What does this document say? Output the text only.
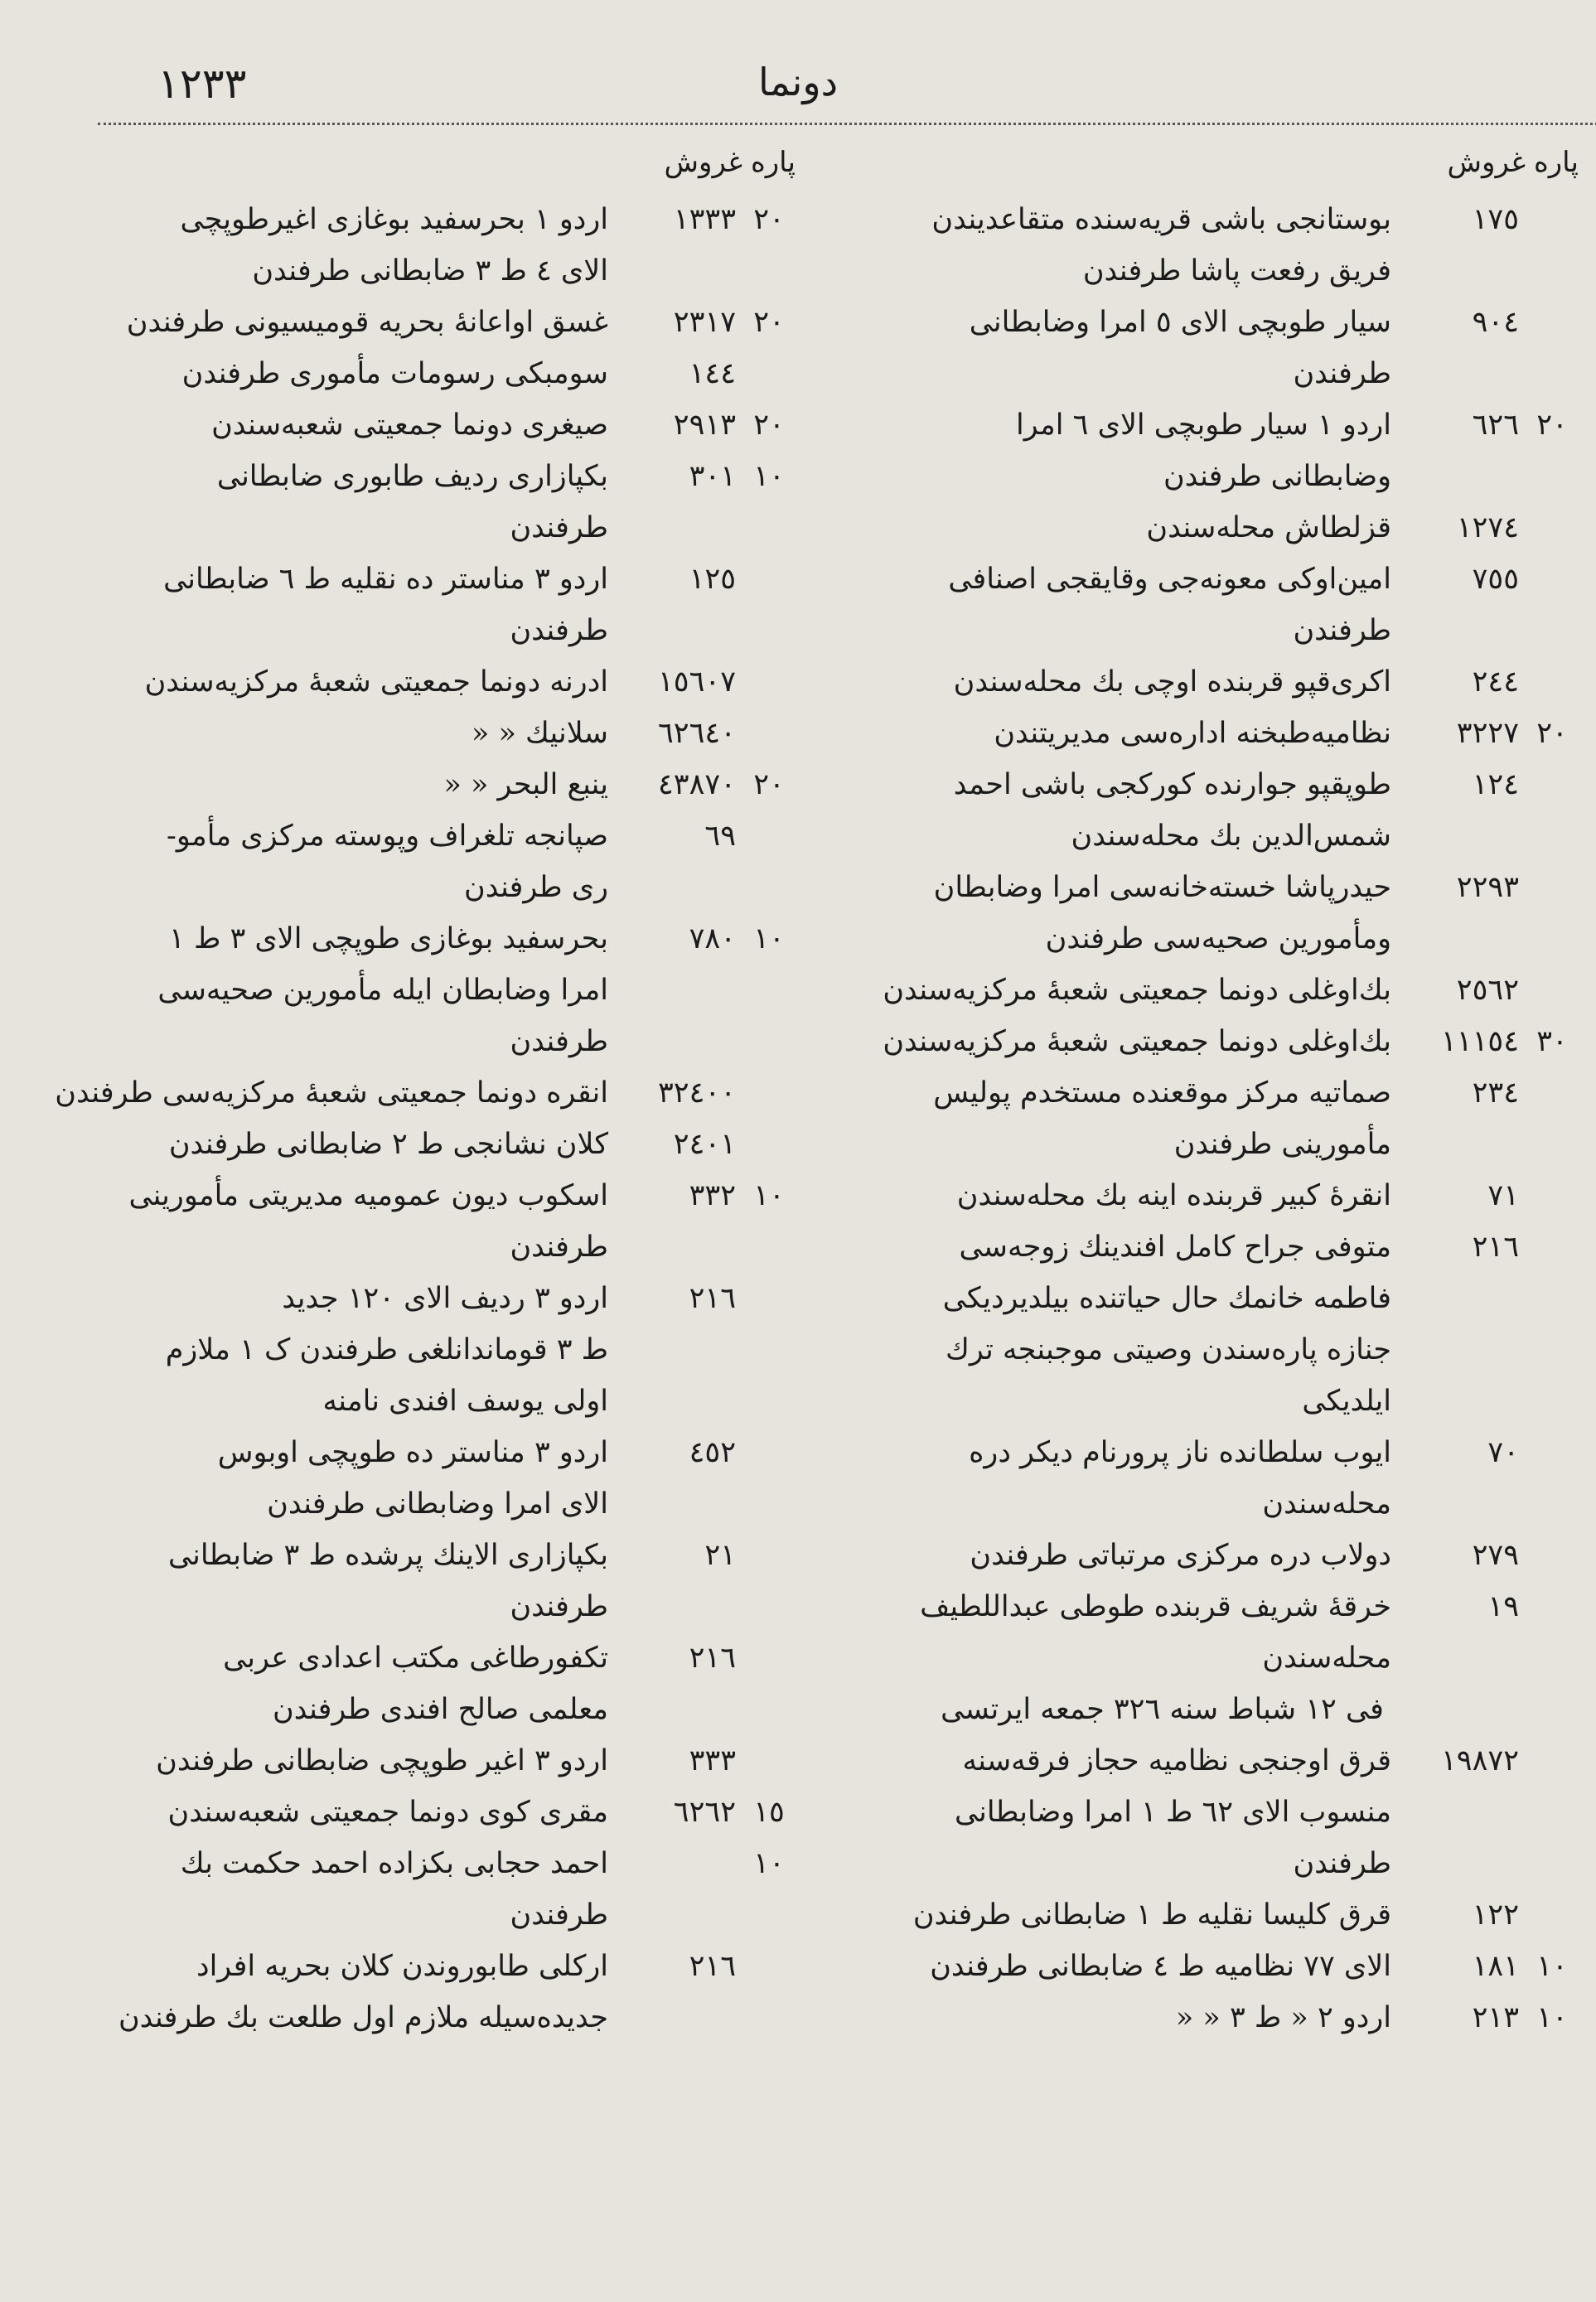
١٢٣٣	دونما
پاره
غروش
١٧٥
بوستانجی باشی قریه‌سنده متقاعدیندن
فریق رفعت پاشا طرفندن
٩٠٤
سیار طوبچی الای ٥ امرا وضابطانی
طرفندن
٢٠
٦٢٦
اردو ١ سیار طوبچی الای ٦ امرا
وضابطانی طرفندن
١٢٧٤
قزلطاش محله‌سندن
٧٥٥
امین‌اوکی معونه‌جی وقایقجی اصنافی
طرفندن
٢٤٤
اکری‌قپو قربنده اوچی بك محله‌سندن
٢٠
٣٢٢٧
نظامیه‌طبخنه اداره‌سی مدیریتندن
١٢٤
طوپقپو جوارنده کورکجی باشی احمد
شمس‌الدین بك محله‌سندن
٢٢٩٣
حیدرپاشا خسته‌خانه‌سی امرا وضابطان
ومأمورین صحیه‌سی طرفندن
٢٥٦٢
بك‌اوغلی دونما جمعیتی شعبهٔ مرکزیه‌سندن
٣٠
١١١٥٤
بك‌اوغلی دونما جمعیتی شعبهٔ مرکزیه‌سندن
٢٣٤
صماتیه مرکز موقعنده مستخدم پولیس
مأمورینی طرفندن
٧١
انقرهٔ کبیر قربنده اینه بك محله‌سندن
٢١٦
متوفی جراح کامل افندینك زوجه‌سی
فاطمه خانمك حال حیاتنده بیلدیردیکی
جنازه پاره‌سندن وصیتی موجبنجه ترك
ایلدیکی
٧٠
ایوب سلطانده ناز پرورنام دیکر دره
محله‌سندن
٢٧٩
دولاب دره مرکزی مرتباتی طرفندن
١٩
خرقهٔ شریف قربنده طوطی عبداللطیف
محله‌سندن
فی ١٢ شباط سنه ٣٢٦ جمعه ایرتسی
١٩٨٧٢
قرق اوجنجی نظامیه حجاز فرقه‌سنه
منسوب الای ٦٢ ط ١ امرا وضابطانی
طرفندن
١٢٢
قرق کلیسا نقلیه ط ١ ضابطانی طرفندن
١٠
١٨١
الای ٧٧ نظامیه ط ٤ ضابطانی طرفندن
١٠
٢١٣
اردو ٢ « ط ٣ « «
پاره
غروش
٢٠
١٣٣٣
اردو ١ بحرسفید بوغازی اغیرطوپچی
الای ٤ ط ٣ ضابطانی طرفندن
٢٠
٢٣١٧
غسق اواعانهٔ بحریه قومیسیونی طرفندن
١٤٤
سومبکی رسومات مأموری طرفندن
٢٠
٢٩١٣
صیغری دونما جمعیتی شعبه‌سندن
١٠
٣٠١
بکپازاری ردیف طابوری ضابطانی
طرفندن
١٢٥
اردو ٣ مناستر ده نقلیه ط ٦ ضابطانی
طرفندن
١٥٦٠٧
ادرنه دونما جمعیتی شعبهٔ مرکزیه‌سندن
٦٢٦٤٠
سلانیك « «
٢٠
٤٣٨٧٠
ینبع البحر « «
٦٩
صپانجه تلغراف وپوسته مرکزی مأمو-
ری طرفندن
١٠
٧٨٠
بحرسفید بوغازی طوپچی الای ٣ ط ١
امرا وضابطان ایله مأمورین صحیه‌سی
طرفندن
٣٢٤٠٠
انقره دونما جمعیتی شعبهٔ مرکزیه‌سی طرفندن
٢٤٠١
کلان نشانجی ط ٢ ضابطانی طرفندن
١٠
٣٣٢
اسکوب دیون عمومیه مدیریتی مأمورینی
طرفندن
٢١٦
اردو ٣ ردیف الای ١٢٠ جدید
ط ٣ قوماندانلغی طرفندن ک ١ ملازم
اولی یوسف افندی نامنه
٤٥٢
اردو ٣ مناستر ده طوپچی اوبوس
الای امرا وضابطانی طرفندن
٢١
بکپازاری الاینك پرشده ط ٣ ضابطانی
طرفندن
٢١٦
تکفورطاغی مکتب اعدادی عربی
معلمی صالح افندی طرفندن
٣٣٣
اردو ٣ اغیر طوپچی ضابطانی طرفندن
١٥
٦٢٦٢
مقری کوی دونما جمعیتی شعبه‌سندن
١٠
احمد حجابی بکزاده احمد حکمت بك
طرفندن
٢١٦
ارکلی طابوروندن کلان بحریه افراد
جدیده‌سیله ملازم اول طلعت بك طرفندن
